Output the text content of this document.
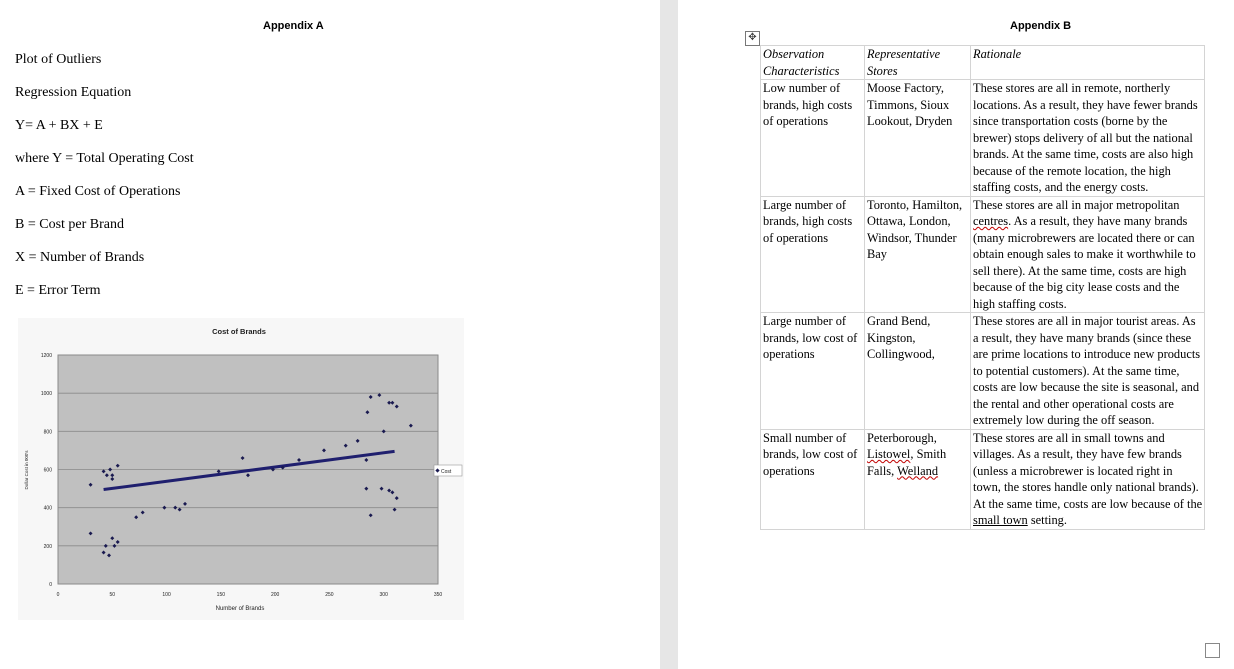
Appendix A
Plot of Outliers
Regression Equation
Y= A + BX + E
where Y = Total Operating Cost
A = Fixed Cost of Operations
B = Cost per Brand
X = Number of Brands
E = Error Term
0
200
400
600
800
1000
1200
0	50	100	150	200	250	300	350
Cost of Brands
Number of Brands
Dollar Cost in 000's	Cost
Appendix B
✥
Observation Characteristics	Representative Stores	Rationale
Low number of brands, high costs of operations	Moose Factory, Timmons, Sioux Lookout, Dryden	These stores are all in remote, northerly locations. As a result, they have fewer brands since transportation costs (borne by the brewer) stops delivery of all but the national brands. At the same time, costs are also high because of the remote location, the high staffing costs, and the energy costs.
Large number of brands, high costs of operations	Toronto, Hamilton, Ottawa, London, Windsor, Thunder Bay	These stores are all in major metropolitan centres. As a result, they have many brands (many microbrewers are located there or can obtain enough sales to make it worthwhile to sell there). At the same time, costs are high because of the big city lease costs and the high staffing costs.
Large number of brands, low cost of operations	Grand Bend, Kingston, Collingwood,	These stores are all in major tourist areas. As a result, they have many brands (since these are prime locations to introduce new products to potential customers). At the same time, costs are low because the site is seasonal, and the rental and other operational costs are extremely low during the off season.
Small number of brands, low cost of operations	Peterborough, Listowel, Smith Falls, Welland	These stores are all in small towns and villages. As a result, they have few brands (unless a microbrewer is located right in town, the stores handle only national brands). At the same time, costs are low because of the small town setting.
